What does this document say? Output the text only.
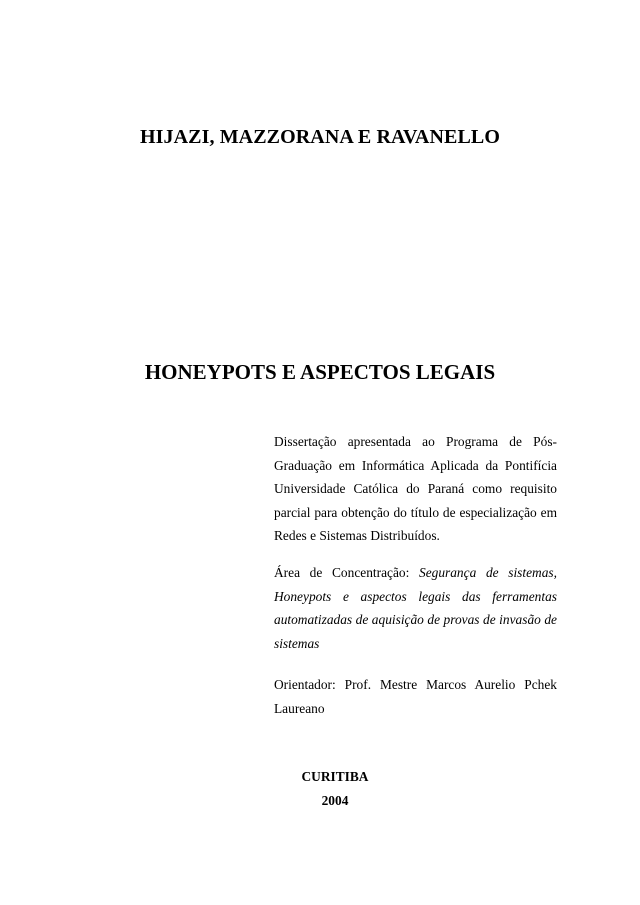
HIJAZI, MAZZORANA E RAVANELLO
HONEYPOTS E ASPECTOS LEGAIS
Dissertação apresentada ao Programa de Pós-
Graduação em Informática Aplicada da Pontifícia
Universidade Católica do Paraná como requisito
parcial para obtenção do título de especialização em
Redes e Sistemas Distribuídos.
Área de Concentração: Segurança de sistemas,
Honeypots e aspectos legais das ferramentas
automatizadas de aquisição de provas de invasão de
sistemas
Orientador: Prof. Mestre Marcos Aurelio Pchek
Laureano
CURITIBA
2004
